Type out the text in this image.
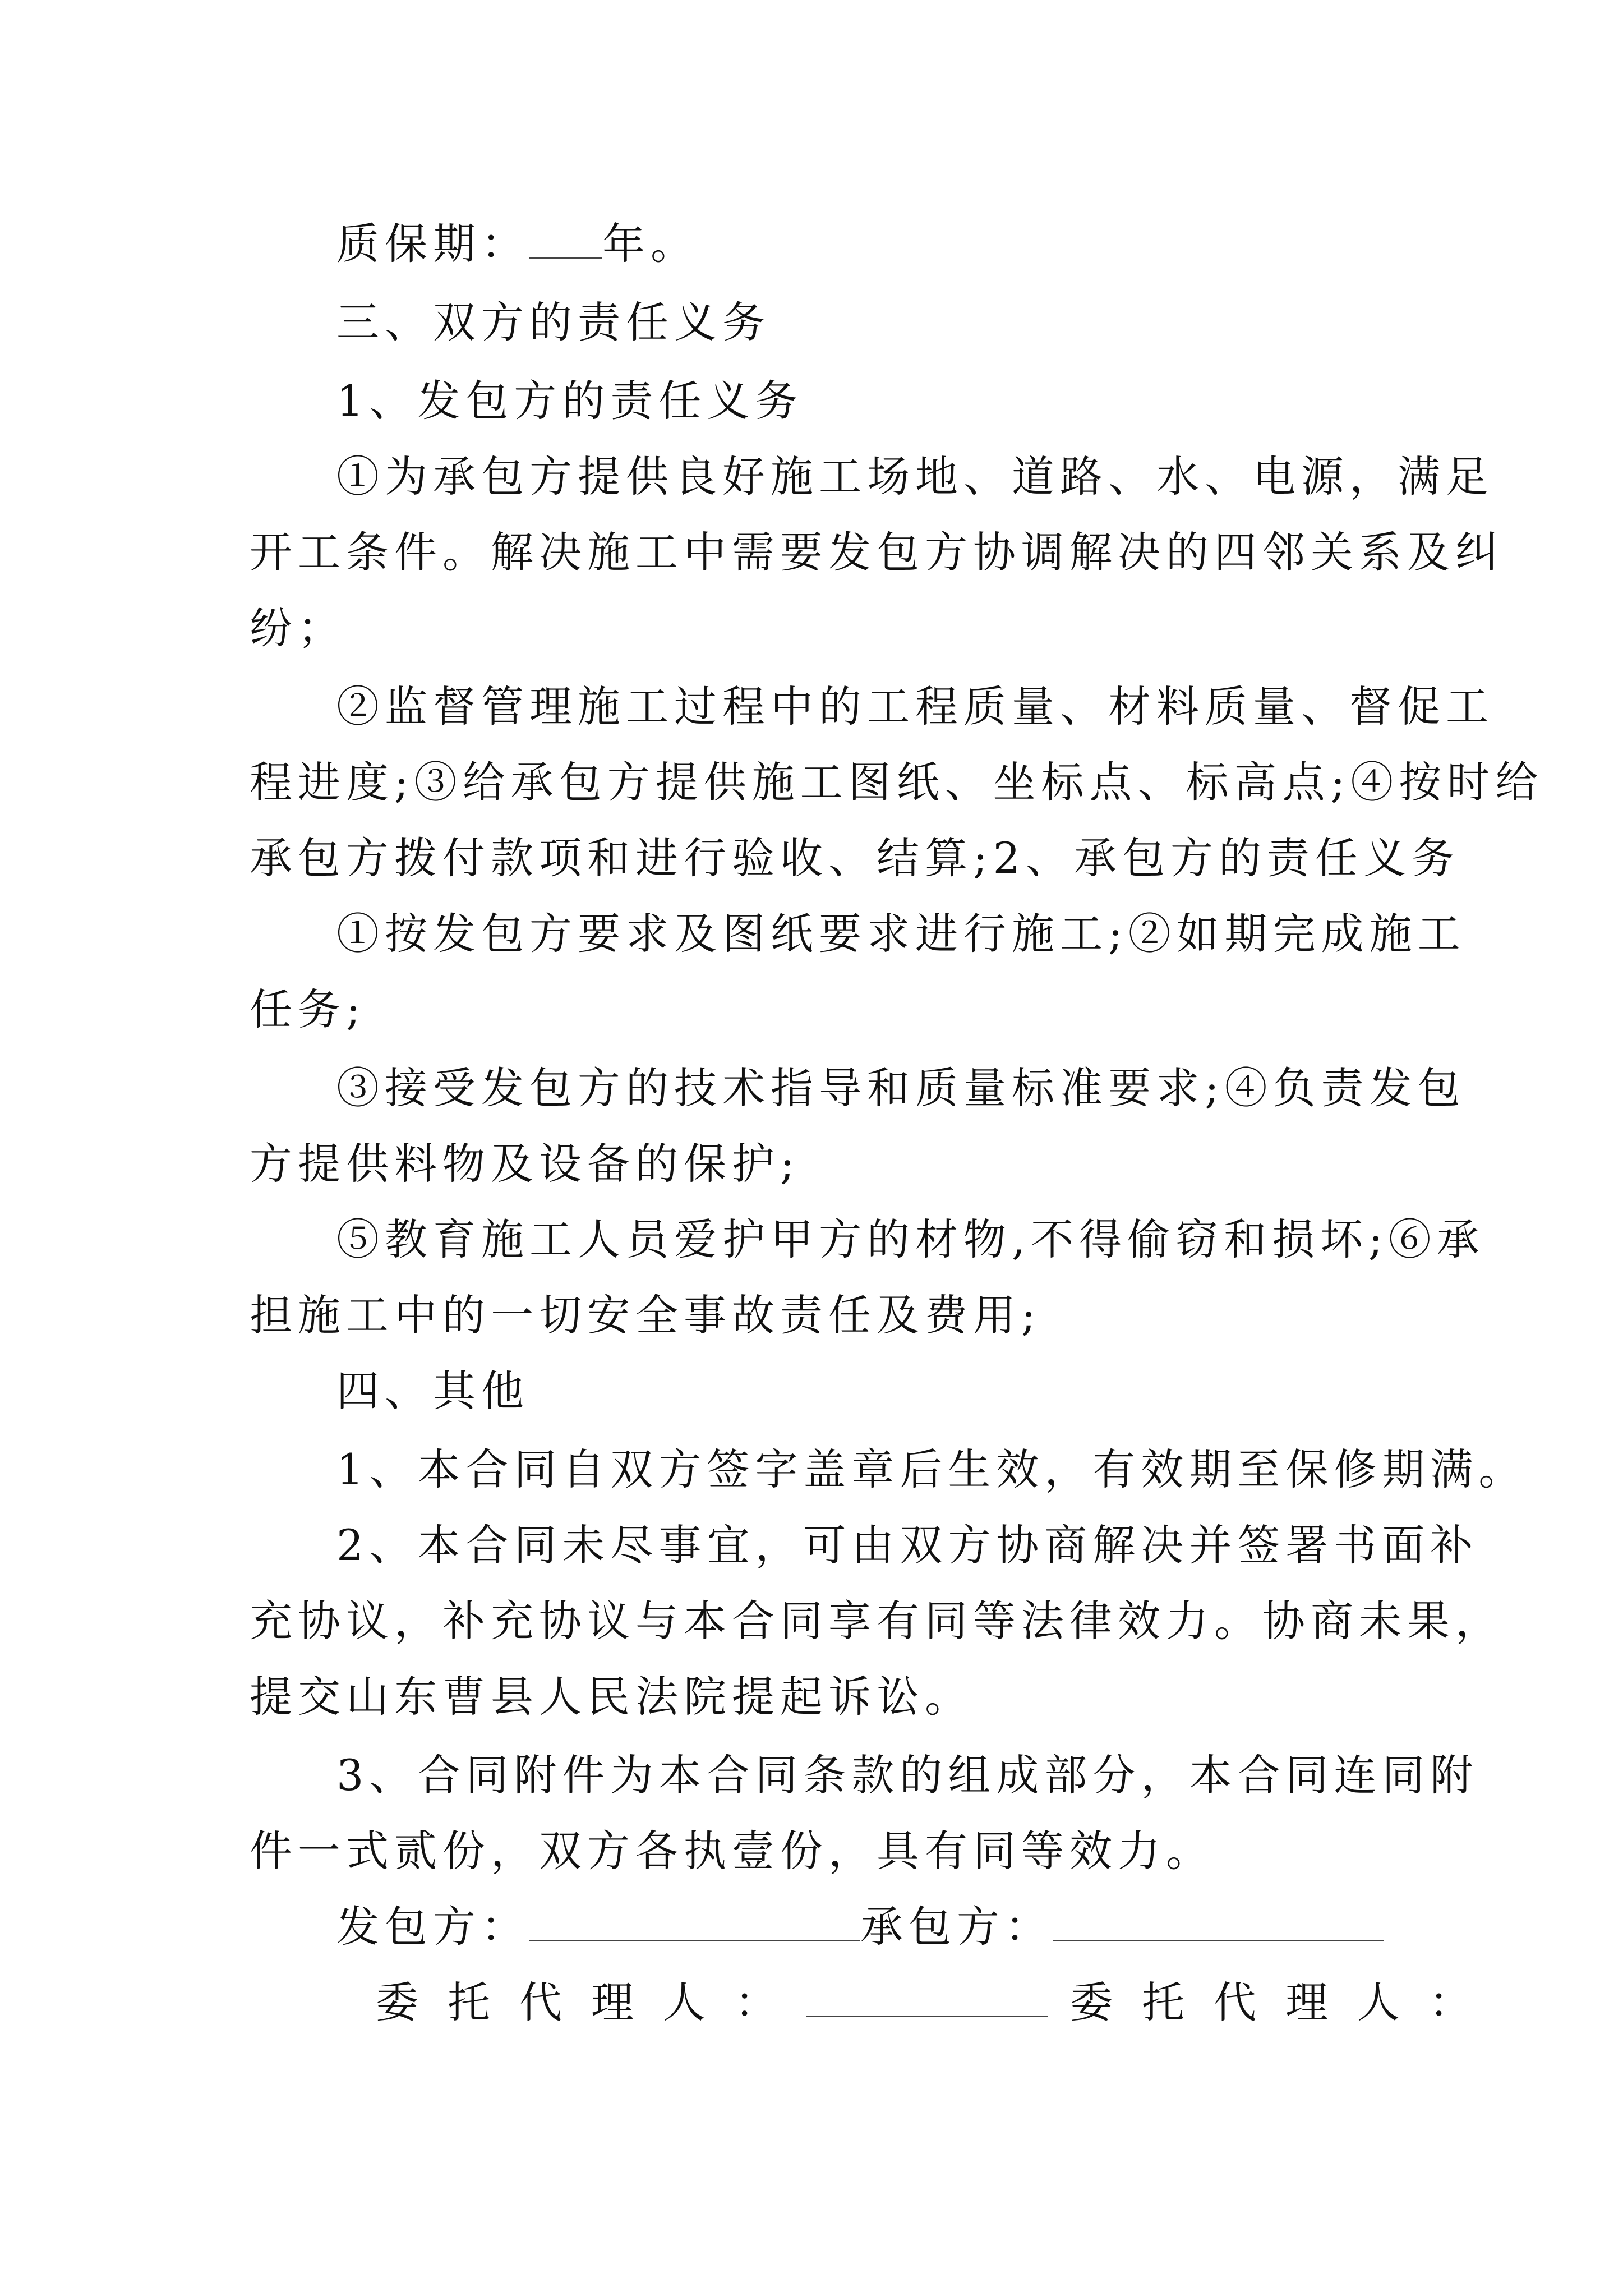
质保期： 年。
三、双方的责任义务
1、发包方的责任义务
①为承包方提供良好施工场地、道路、水、电源，满足
开工条件。解决施工中需要发包方协调解决的四邻关系及纠
纷；
②监督管理施工过程中的工程质量、材料质量、督促工
程进度;③给承包方提供施工图纸、坐标点、标高点;④按时给
承包方拨付款项和进行验收、结算;2、承包方的责任义务
①按发包方要求及图纸要求进行施工;②如期完成施工
任务;
③接受发包方的技术指导和质量标准要求;④负责发包
方提供料物及设备的保护;
⑤教育施工人员爱护甲方的材物,不得偷窃和损坏;⑥承
担施工中的一切安全事故责任及费用;
四、其他
1、本合同自双方签字盖章后生效，有效期至保修期满。
2、本合同未尽事宜，可由双方协商解决并签署书面补
充协议，补充协议与本合同享有同等法律效力。协商未果，
提交山东曹县人民法院提起诉讼。
3、合同附件为本合同条款的组成部分，本合同连同附
件一式贰份，双方各执壹份，具有同等效力。
发包方：	承包方：
委托代理人：	委托代理人：
